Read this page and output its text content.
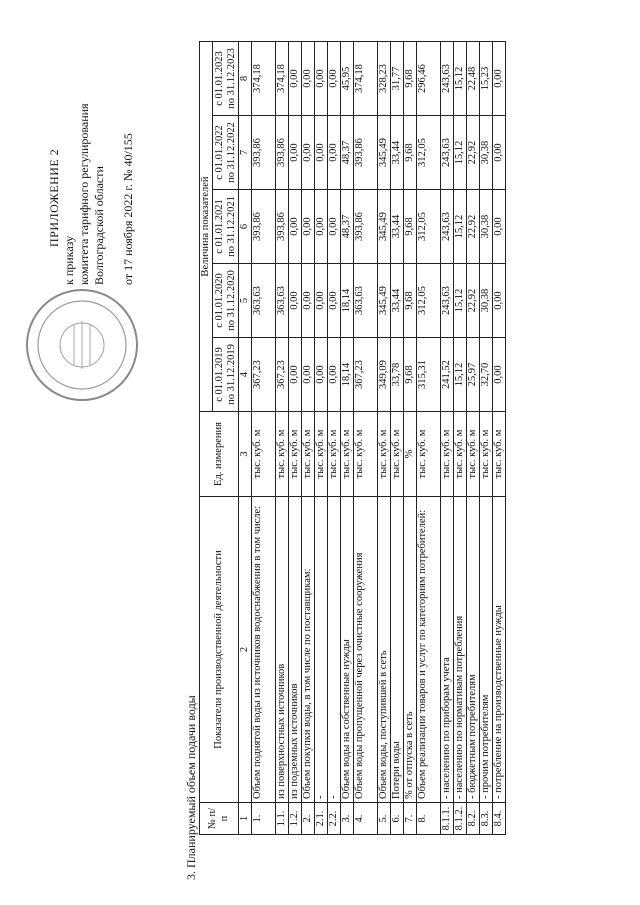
ПРИЛОЖЕНИЕ 2
к приказу комитета тарифного регулирования Волгоградской области от 17 ноября 2022 г. № 40/155
3. Планируемый объем подачи воды № п/п	Показатели производственной деятельности	Ед. измерения	Величина показателей				
			с 01.01.2019 по 31.12.2019	с 01.01.2020 по 31.12.2020	с 01.01.2021 по 31.12.2021	с 01.01.2022 по 31.12.2022	с 01.01.2023 по 31.12.2023
1	2	3	4	5	6	7	8
1.	Объем поднятой воды из источников водоснабжения в том числе:	тыс. куб. м	367,23	363,63	393,86	393,86	374,18
1.1.	из поверхностных источников	тыс. куб. м	367,23	363,63	393,86	393,86	374,18
1.2.	из подземных источников	тыс. куб. м	0,00	0,00	0,00	0,00	0,00
2.	Объем покупки воды, в том числе по поставщикам:	тыс. куб. м	0,00	0,00	0,00	0,00	0,00
2.1.	-	тыс. куб. м	0,00	0,00	0,00	0,00	0,00
2.2.	-	тыс. куб. м	0,00	0,00	0,00	0,00	0,00
3.	Объем воды на собственные нужды	тыс. куб. м	18,14	18,14	48,37	48,37	45,95
4.	Объем воды пропущенной через очистные сооружения	тыс. куб. м	367,23	363,63	393,86	393,86	374,18
5.	Объем воды, поступившей в сеть	тыс. куб. м	349,09	345,49	345,49	345,49	328,23
6.	Потери воды	тыс. куб. м	33,78	33,44	33,44	33,44	31,77
7.	% от отпуска в сеть	%	9,68	9,68	9,68	9,68	9,68
8.	Объем реализации товаров и услуг по категориям потребителей:	тыс. куб. м	315,31	312,05	312,05	312,05	296,46
8.1.1.	- населению по приборам учета	тыс. куб. м	241,52	243,63	243,63	243,63	243,63
8.1.2.	- населению по нормативам потребления	тыс. куб. м	15,12	15,12	15,12	15,12	15,12
8.2.	- бюджетным потребителям	тыс. куб. м	25,97	22,92	22,92	22,92	22,48
8.3.	- прочим потребителям	тыс. куб. м	32,70	30,38	30,38	30,38	15,23
8.4.	- потребление на производственные нужды	тыс. куб. м	0,00	0,00	0,00	0,00	0,00
